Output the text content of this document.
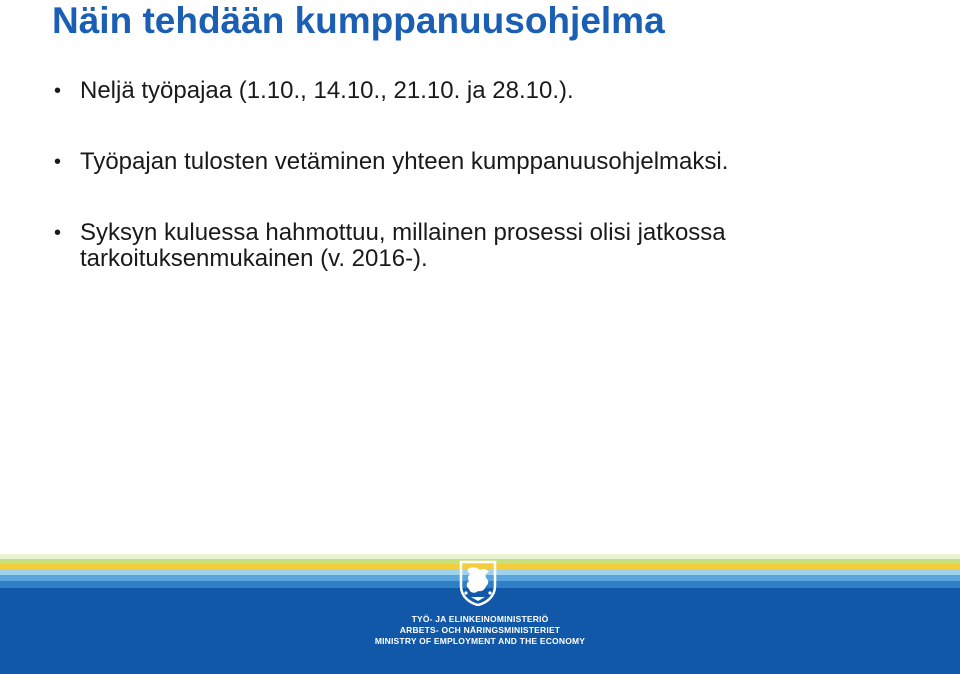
Näin tehdään kumppanuusohjelma
• Neljä työpajaa (1.10., 14.10., 21.10. ja 28.10.).
• Työpajan tulosten vetäminen yhteen kumppanuusohjelmaksi.
• Syksyn kuluessa hahmottuu, millainen prosessi olisi jatkossa tarkoituksenmukainen (v. 2016-).
TYÖ- JA ELINKEINOMINISTERIÖ
ARBETS- OCH NÄRINGSMINISTERIET
MINISTRY OF EMPLOYMENT AND THE ECONOMY
